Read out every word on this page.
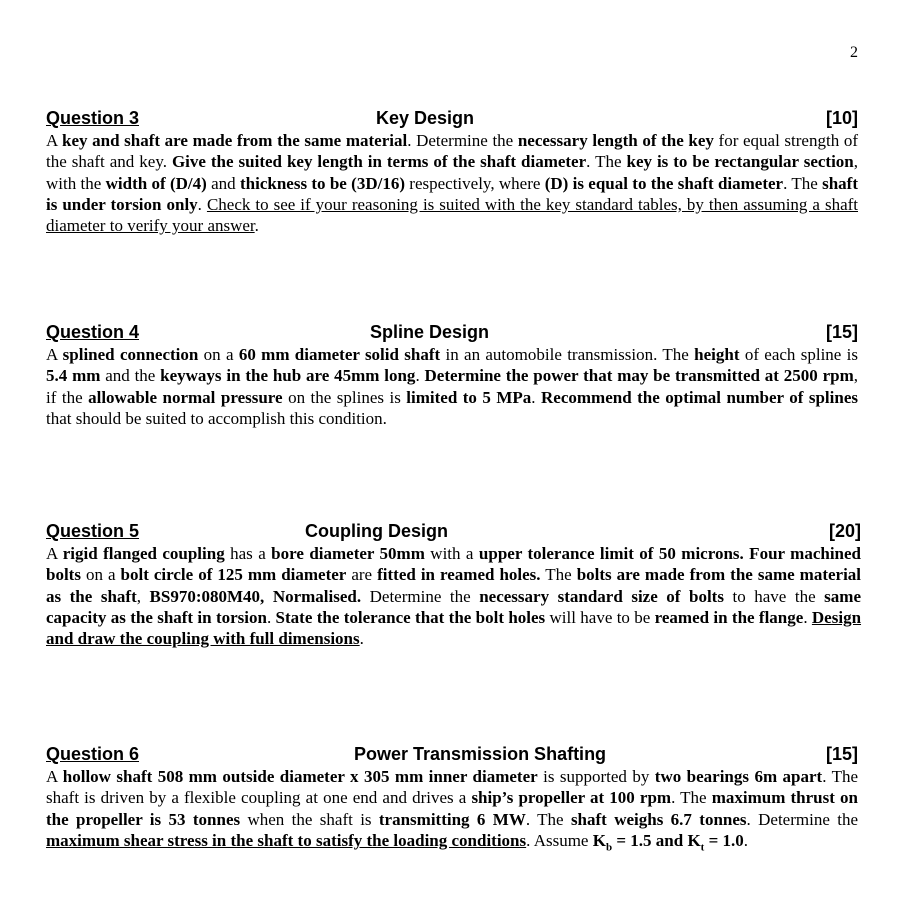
2
Question 3	Key Design	[10]

A key and shaft are made from the same material. Determine the necessary length of the key for equal strength of the shaft and key. Give the suited key length in terms of the shaft diameter. The key is to be rectangular section, with the width of (D/4) and thickness to be (3D/16) respectively, where (D) is equal to the shaft diameter. The shaft is under torsion only. Check to see if your reasoning is suited with the key standard tables, by then assuming a shaft diameter to verify your answer.

Question 4	Spline Design	[15]

A splined connection on a 60 mm diameter solid shaft in an automobile transmission. The height of each spline is 5.4 mm and the keyways in the hub are 45mm long. Determine the power that may be transmitted at 2500 rpm, if the allowable normal pressure on the splines is limited to 5 MPa. Recommend the optimal number of splines that should be suited to accomplish this condition.

Question 5	Coupling Design	[20]

A rigid flanged coupling has a bore diameter 50mm with a upper tolerance limit of 50 microns. Four machined bolts on a bolt circle of 125 mm diameter are fitted in reamed holes. The bolts are made from the same material as the shaft, BS970:080M40, Normalised. Determine the necessary standard size of bolts to have the same capacity as the shaft in torsion. State the tolerance that the bolt holes will have to be reamed in the flange. Design and draw the coupling with full dimensions.

Question 6	Power Transmission Shafting	[15]

A hollow shaft 508 mm outside diameter x 305 mm inner diameter is supported by two bearings 6m apart. The shaft is driven by a flexible coupling at one end and drives a ship’s propeller at 100 rpm. The maximum thrust on the propeller is 53 tonnes when the shaft is transmitting 6 MW. The shaft weighs 6.7 tonnes. Determine the maximum shear stress in the shaft to satisfy the loading conditions. Assume $K_b = 1.5$ and $K_t = 1.0$.
